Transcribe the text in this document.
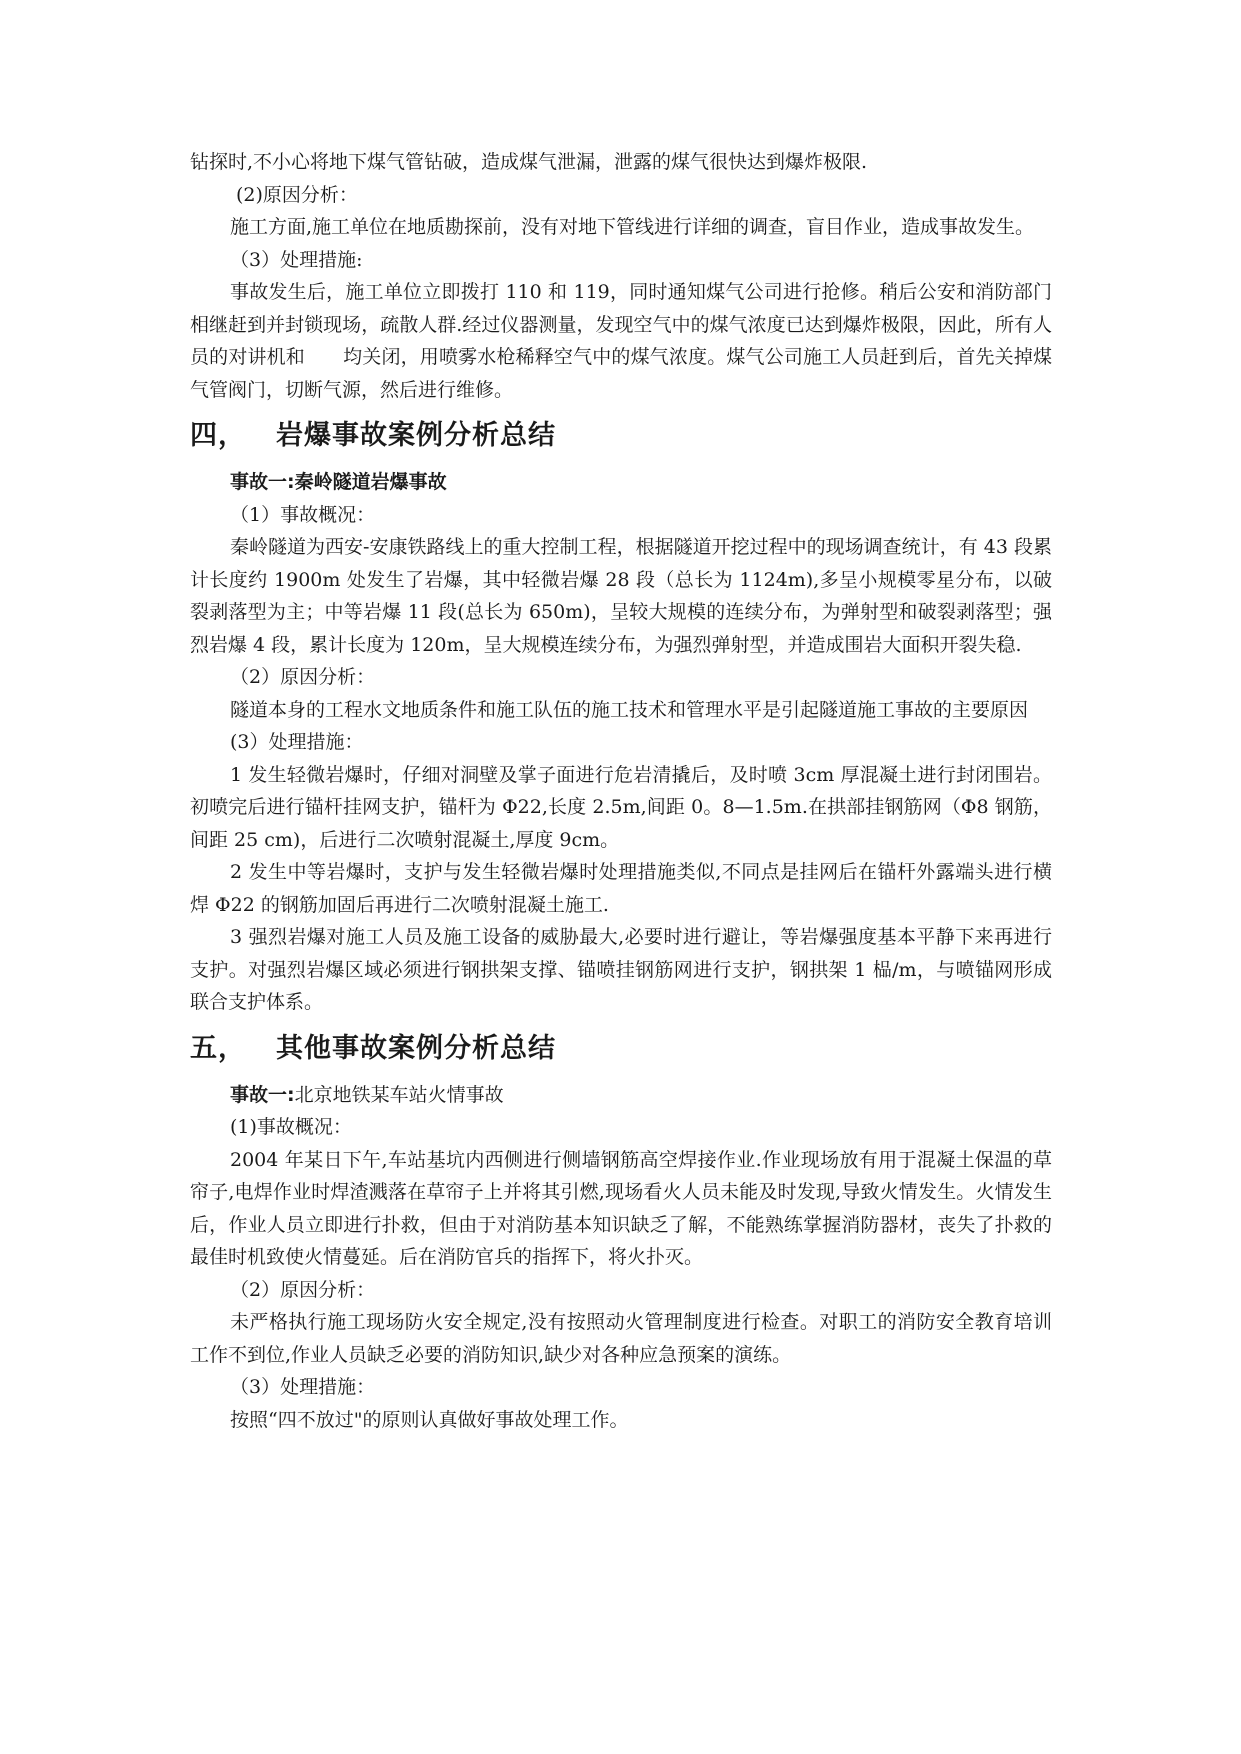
钻探时,不小心将地下煤气管钻破，造成煤气泄漏，泄露的煤气很快达到爆炸极限.

(2)原因分析：

施工方面,施工单位在地质勘探前，没有对地下管线进行详细的调查，盲目作业，造成事故发生。

（3）处理措施:

事故发生后，施工单位立即拨打 110 和 119，同时通知煤气公司进行抢修。稍后公安和消防部门相继赶到并封锁现场，疏散人群.经过仪器测量，发现空气中的煤气浓度已达到爆炸极限，因此，所有人员的对讲机和 均关闭，用喷雾水枪稀释空气中的煤气浓度。煤气公司施工人员赶到后，首先关掉煤气管阀门，切断气源，然后进行维修。

四， 岩爆事故案例分析总结

事故一:秦岭隧道岩爆事故

（1）事故概况：

秦岭隧道为西安-安康铁路线上的重大控制工程，根据隧道开挖过程中的现场调查统计，有 43 段累计长度约 1900m 处发生了岩爆，其中轻微岩爆 28 段（总长为 1124m),多呈小规模零星分布，以破裂剥落型为主；中等岩爆 11 段(总长为 650m)，呈较大规模的连续分布，为弹射型和破裂剥落型；强烈岩爆 4 段，累计长度为 120m，呈大规模连续分布，为强烈弹射型，并造成围岩大面积开裂失稳.

（2）原因分析：

隧道本身的工程水文地质条件和施工队伍的施工技术和管理水平是引起隧道施工事故的主要原因

(3）处理措施：

1 发生轻微岩爆时，仔细对洞壁及掌子面进行危岩清撬后，及时喷 3cm 厚混凝土进行封闭围岩。初喷完后进行锚杆挂网支护，锚杆为 Φ22,长度 2.5m,间距 0。8—1.5m.在拱部挂钢筋网（Φ8 钢筋，间距 25 cm)，后进行二次喷射混凝土,厚度 9cm。

2 发生中等岩爆时，支护与发生轻微岩爆时处理措施类似,不同点是挂网后在锚杆外露端头进行横焊 Φ22 的钢筋加固后再进行二次喷射混凝土施工.

3 强烈岩爆对施工人员及施工设备的威胁最大,必要时进行避让，等岩爆强度基本平静下来再进行支护。对强烈岩爆区域必须进行钢拱架支撑、锚喷挂钢筋网进行支护，钢拱架 1 榀/m，与喷锚网形成联合支护体系。

五， 其他事故案例分析总结

事故一:北京地铁某车站火情事故

(1)事故概况：

2004 年某日下午,车站基坑内西侧进行侧墙钢筋高空焊接作业.作业现场放有用于混凝土保温的草帘子,电焊作业时焊渣溅落在草帘子上并将其引燃,现场看火人员未能及时发现,导致火情发生。火情发生后，作业人员立即进行扑救，但由于对消防基本知识缺乏了解，不能熟练掌握消防器材，丧失了扑救的最佳时机致使火情蔓延。后在消防官兵的指挥下，将火扑灭。

（2）原因分析：

未严格执行施工现场防火安全规定,没有按照动火管理制度进行检查。对职工的消防安全教育培训工作不到位,作业人员缺乏必要的消防知识,缺少对各种应急预案的演练。

（3）处理措施：

按照“四不放过"的原则认真做好事故处理工作。
